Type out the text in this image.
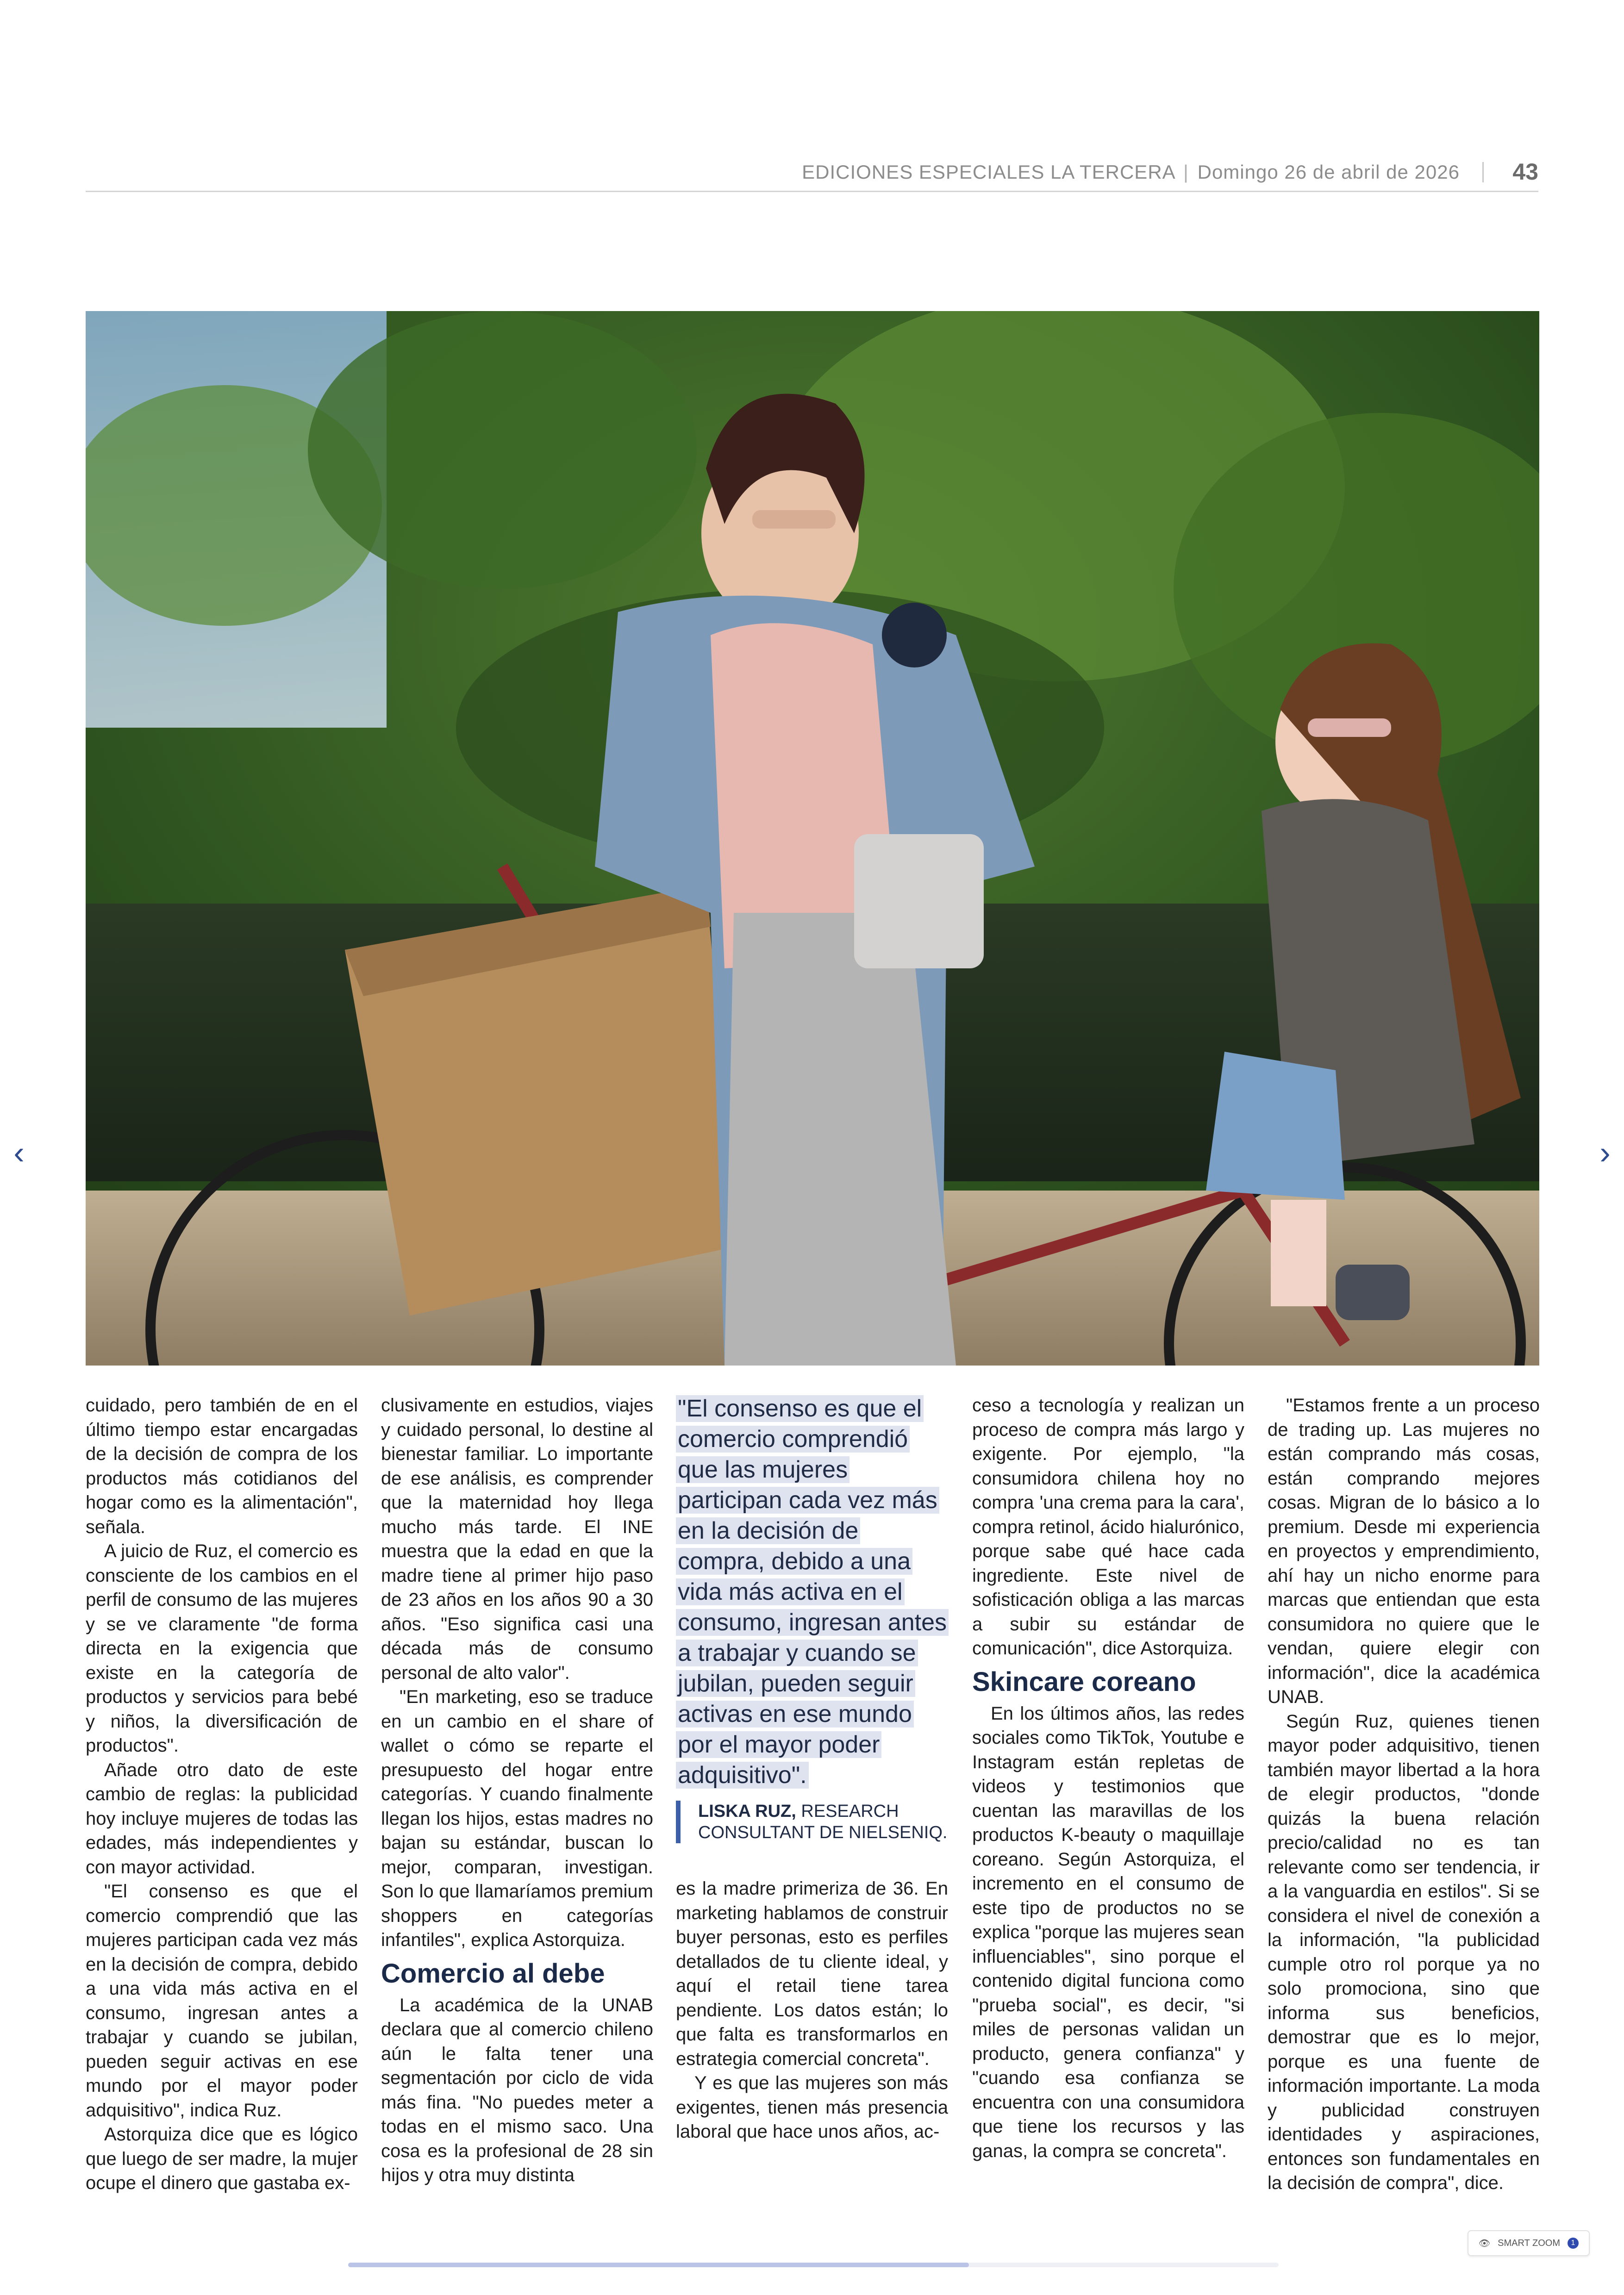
EDICIONES ESPECIALES LA TERCERA | Domingo 26 de abril de 2026 43
‹	›

cuidado, pero también de en el último tiempo estar encargadas de la decisión de compra de los productos más cotidianos del hogar como es la alimentación", señala.

A juicio de Ruz, el comercio es consciente de los cambios en el perfil de consumo de las mujeres y se ve claramente "de forma directa en la exigencia que existe en la categoría de productos y servicios para bebé y niños, la diversificación de productos".

Añade otro dato de este cambio de reglas: la publicidad hoy incluye mujeres de todas las edades, más independientes y con mayor actividad.

"El consenso es que el comercio comprendió que las mujeres participan cada vez más en la decisión de compra, debido a una vida más activa en el consumo, ingresan antes a trabajar y cuando se jubilan, pueden seguir activas en ese mundo por el mayor poder adquisitivo", indica Ruz.

Astorquiza dice que es lógico que luego de ser madre, la mujer ocupe el dinero que gastaba ex-

clusivamente en estudios, viajes y cuidado personal, lo destine al bienestar familiar. Lo importante de ese análisis, es comprender que la maternidad hoy llega mucho más tarde. El INE muestra que la edad en que la madre tiene al primer hijo paso de 23 años en los años 90 a 30 años. "Eso significa casi una década más de consumo personal de alto valor".

"En marketing, eso se traduce en un cambio en el share of wallet o cómo se reparte el presupuesto del hogar entre categorías. Y cuando finalmente llegan los hijos, estas madres no bajan su estándar, buscan lo mejor, comparan, investigan. Son lo que llamaríamos premium shoppers en categorías infantiles", explica Astorquiza.

Comercio al debe

La académica de la UNAB declara que al comercio chileno aún le falta tener una segmentación por ciclo de vida más fina. "No puedes meter a todas en el mismo saco. Una cosa es la profesional de 28 sin hijos y otra muy distinta

"El consenso es que el comercio comprendió que las mujeres participan cada vez más en la decisión de compra, debido a una vida más activa en el consumo, ingresan antes a trabajar y cuando se jubilan, pueden seguir activas en ese mundo por el mayor poder adquisitivo".
LISKA RUZ, RESEARCH CONSULTANT DE NIELSENIQ.

es la madre primeriza de 36. En marketing hablamos de construir buyer personas, esto es perfiles detallados de tu cliente ideal, y aquí el retail tiene tarea pendiente. Los datos están; lo que falta es transformarlos en estrategia comercial concreta".

Y es que las mujeres son más exigentes, tienen más presencia laboral que hace unos años, ac-

ceso a tecnología y realizan un proceso de compra más largo y exigente. Por ejemplo, "la consumidora chilena hoy no compra 'una crema para la cara', compra retinol, ácido hialurónico, porque sabe qué hace cada ingrediente. Este nivel de sofisticación obliga a las marcas a subir su estándar de comunicación", dice Astorquiza.

Skincare coreano

En los últimos años, las redes sociales como TikTok, Youtube e Instagram están repletas de videos y testimonios que cuentan las maravillas de los productos K-beauty o maquillaje coreano. Según Astorquiza, el incremento en el consumo de este tipo de productos no se explica "porque las mujeres sean influenciables", sino porque el contenido digital funciona como "prueba social", es decir, "si miles de personas validan un producto, genera confianza" y "cuando esa confianza se encuentra con una consumidora que tiene los recursos y las ganas, la compra se concreta".

"Estamos frente a un proceso de trading up. Las mujeres no están comprando más cosas, están comprando mejores cosas. Migran de lo básico a lo premium. Desde mi experiencia en proyectos y emprendimiento, ahí hay un nicho enorme para marcas que entiendan que esta consumidora no quiere que le vendan, quiere elegir con información", dice la académica UNAB.

Según Ruz, quienes tienen mayor poder adquisitivo, tienen también mayor libertad a la hora de elegir productos, "donde quizás la buena relación precio/calidad no es tan relevante como ser tendencia, ir a la vanguardia en estilos". Si se considera el nivel de conexión a la información, "la publicidad cumple otro rol porque ya no solo promociona, sino que informa sus beneficios, demostrar que es lo mejor, porque es una fuente de información importante. La moda y publicidad construyen identidades y aspiraciones, entonces son fundamentales en la decisión de compra", dice.

👁 SMART ZOOM	1
